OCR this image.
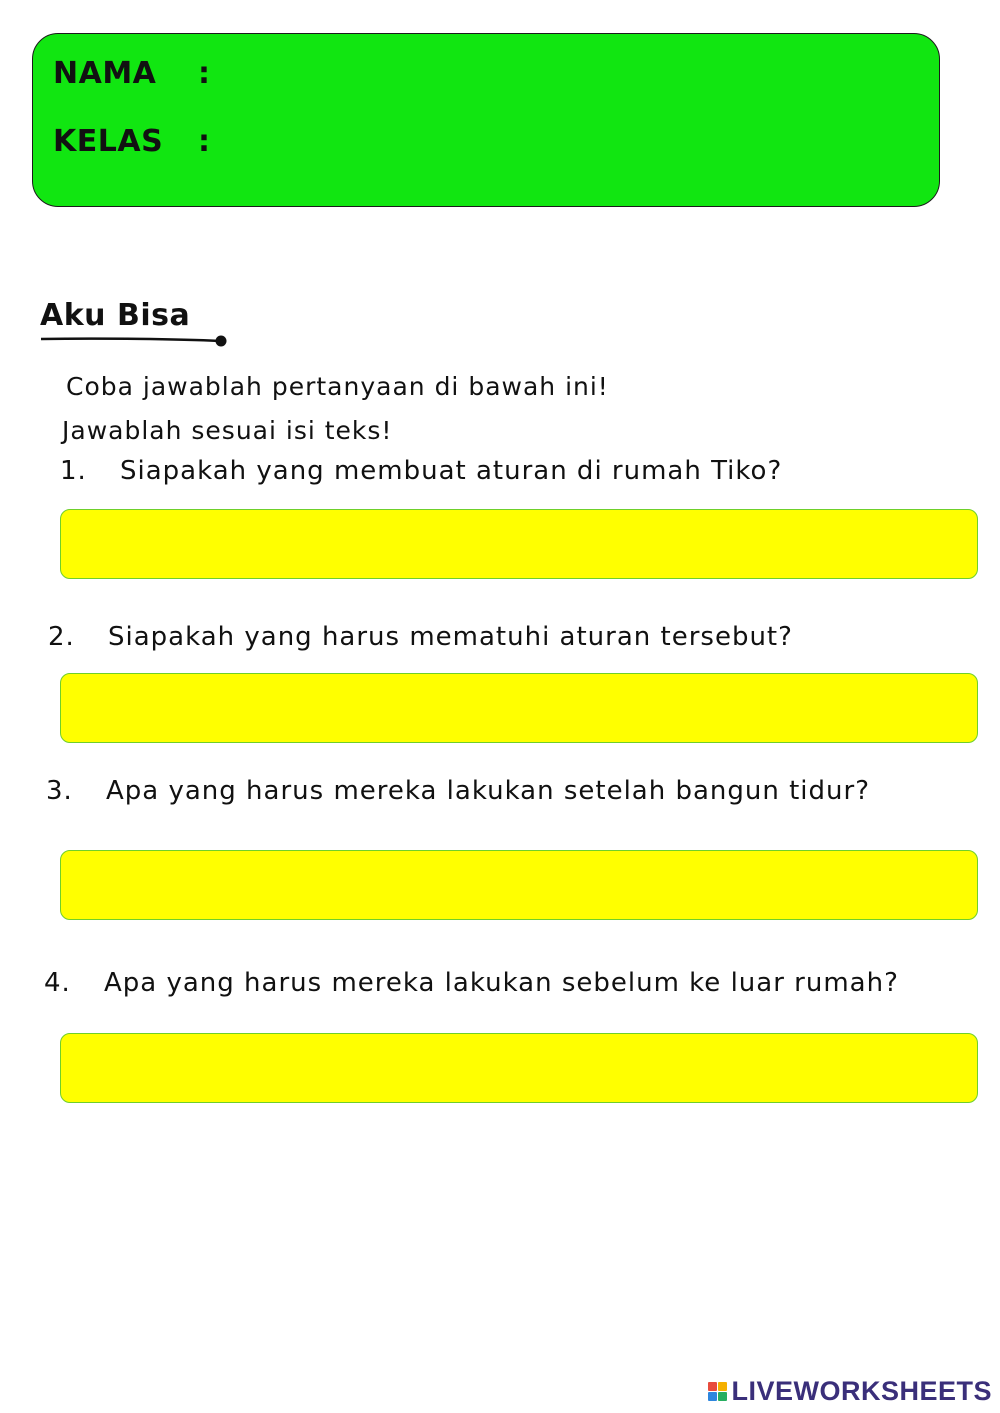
NAMA :
KELAS :
Aku Bisa
Coba jawablah pertanyaan di bawah ini!
Jawablah sesuai isi teks!
1. Siapakah yang membuat aturan di rumah Tiko?
2. Siapakah yang harus mematuhi aturan tersebut?
3. Apa yang harus mereka lakukan setelah bangun tidur?
4. Apa yang harus mereka lakukan sebelum ke luar rumah?
LIVEWORKSHEETS
